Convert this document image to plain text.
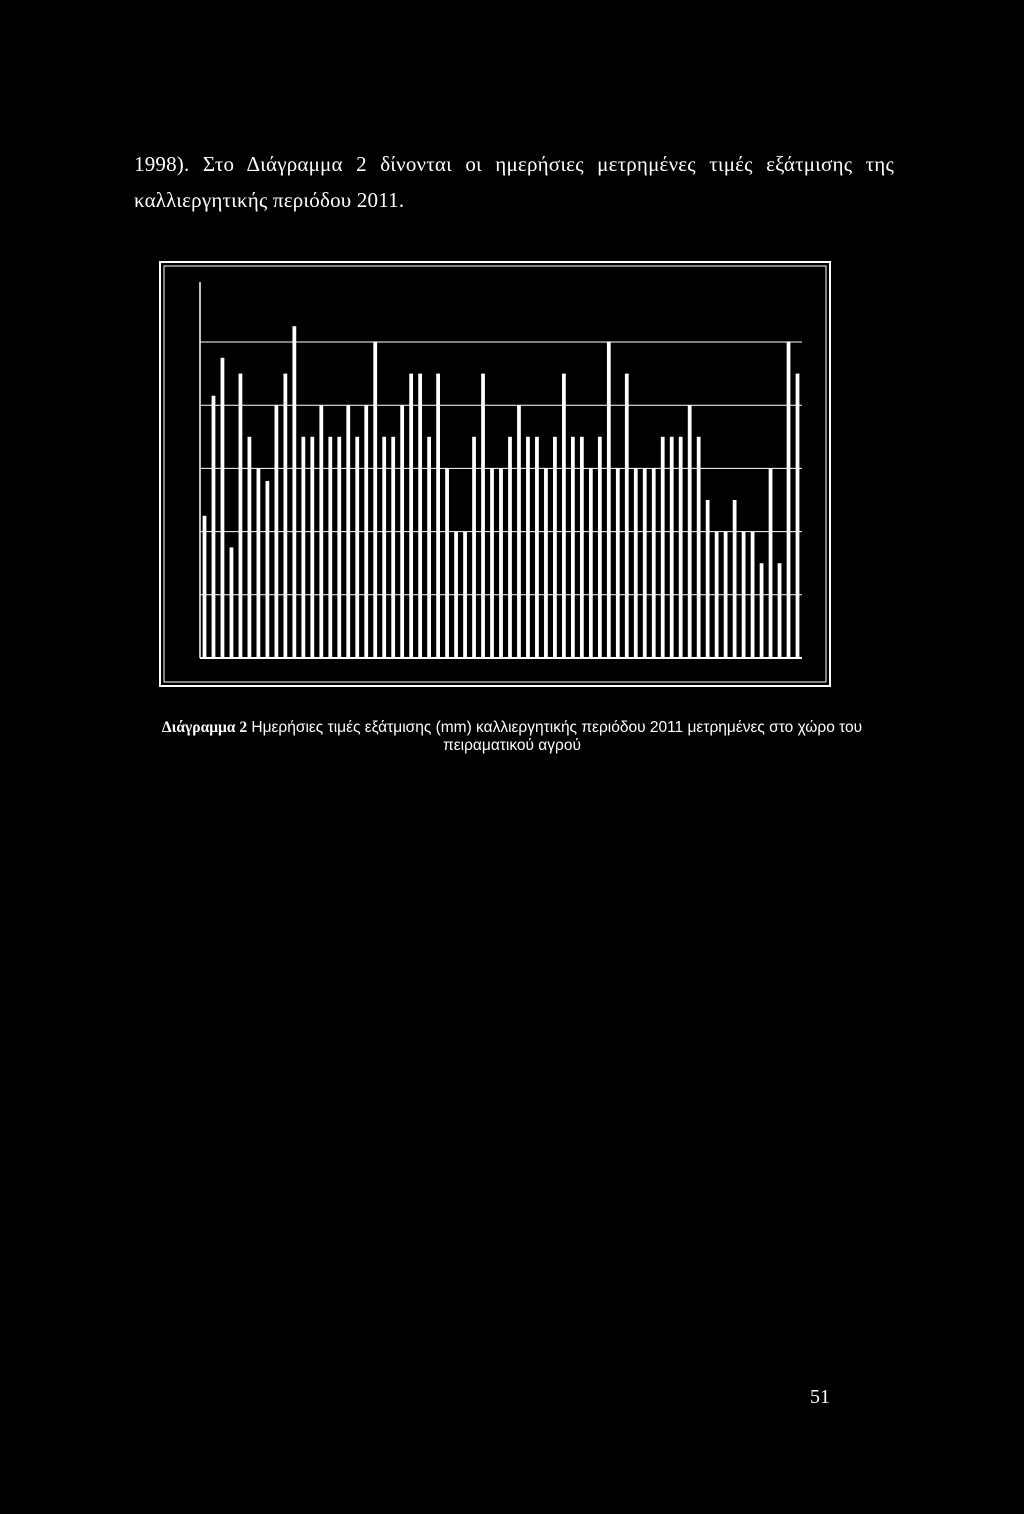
1998). Στο Διάγραμμα 2 δίνονται οι ημερήσιες μετρημένες τιμές εξάτμισης της

καλλιεργητικής περιόδου 2011.

Διάγραμμα 2 Ημερήσιες τιμές εξάτμισης (mm) καλλιεργητικής περιόδου 2011 μετρημένες στο χώρο του

πειραματικού αγρού

51
